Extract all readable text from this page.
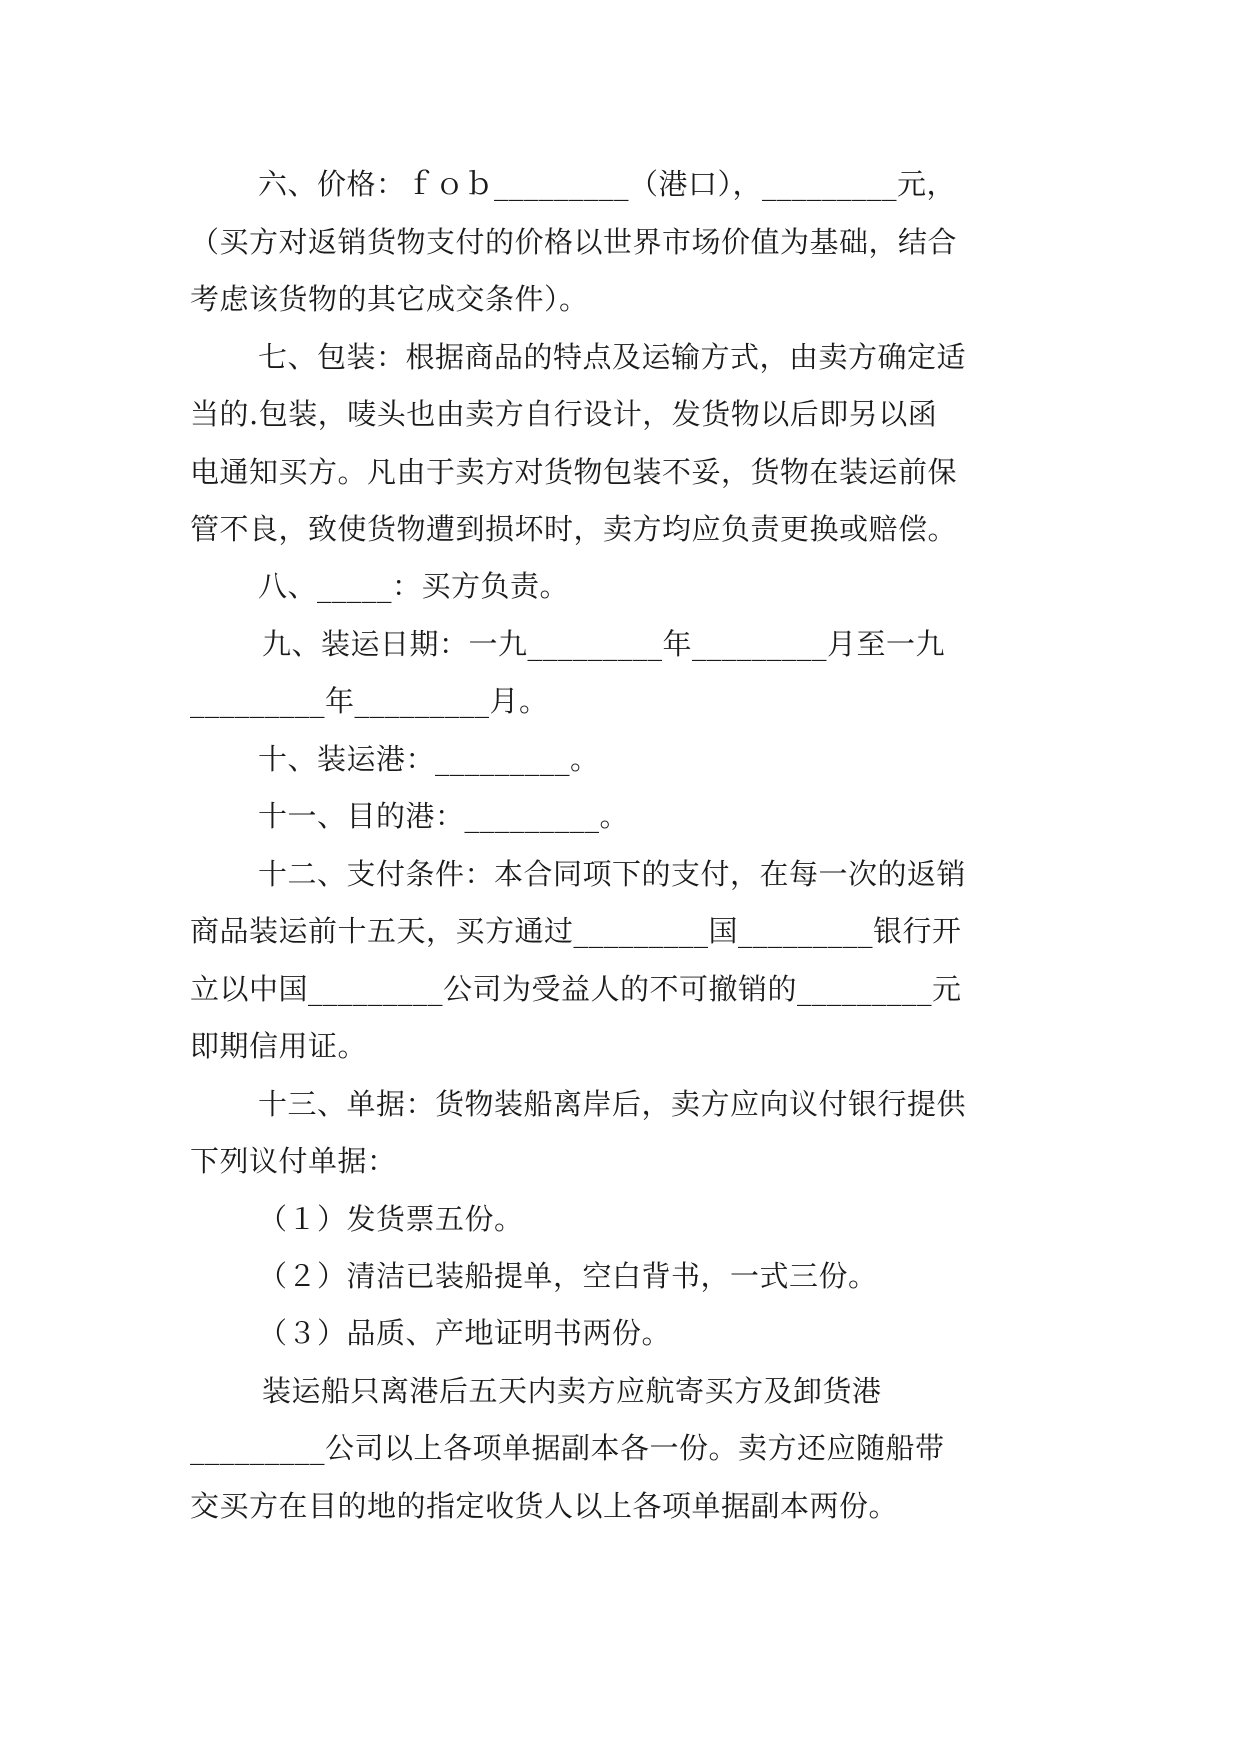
六、价格：ｆｏｂ_________（港口），_________元，
（买方对返销货物支付的价格以世界市场价值为基础，结合
考虑该货物的其它成交条件）。
七、包装：根据商品的特点及运输方式，由卖方确定适
当的.包装，唛头也由卖方自行设计，发货物以后即另以函
电通知买方。凡由于卖方对货物包装不妥，货物在装运前保
管不良，致使货物遭到损坏时，卖方均应负责更换或赔偿。
八、_____：买方负责。
九、装运日期：一九_________年_________月至一九
_________年_________月。
十、装运港：_________。
十一、目的港：_________。
十二、支付条件：本合同项下的支付，在每一次的返销
商品装运前十五天，买方通过_________国_________银行开
立以中国_________公司为受益人的不可撤销的_________元
即期信用证。
十三、单据：货物装船离岸后，卖方应向议付银行提供
下列议付单据：
（１）发货票五份。
（２）清洁已装船提单，空白背书，一式三份。
（３）品质、产地证明书两份。
装运船只离港后五天内卖方应航寄买方及卸货港
_________公司以上各项单据副本各一份。卖方还应随船带
交买方在目的地的指定收货人以上各项单据副本两份。
